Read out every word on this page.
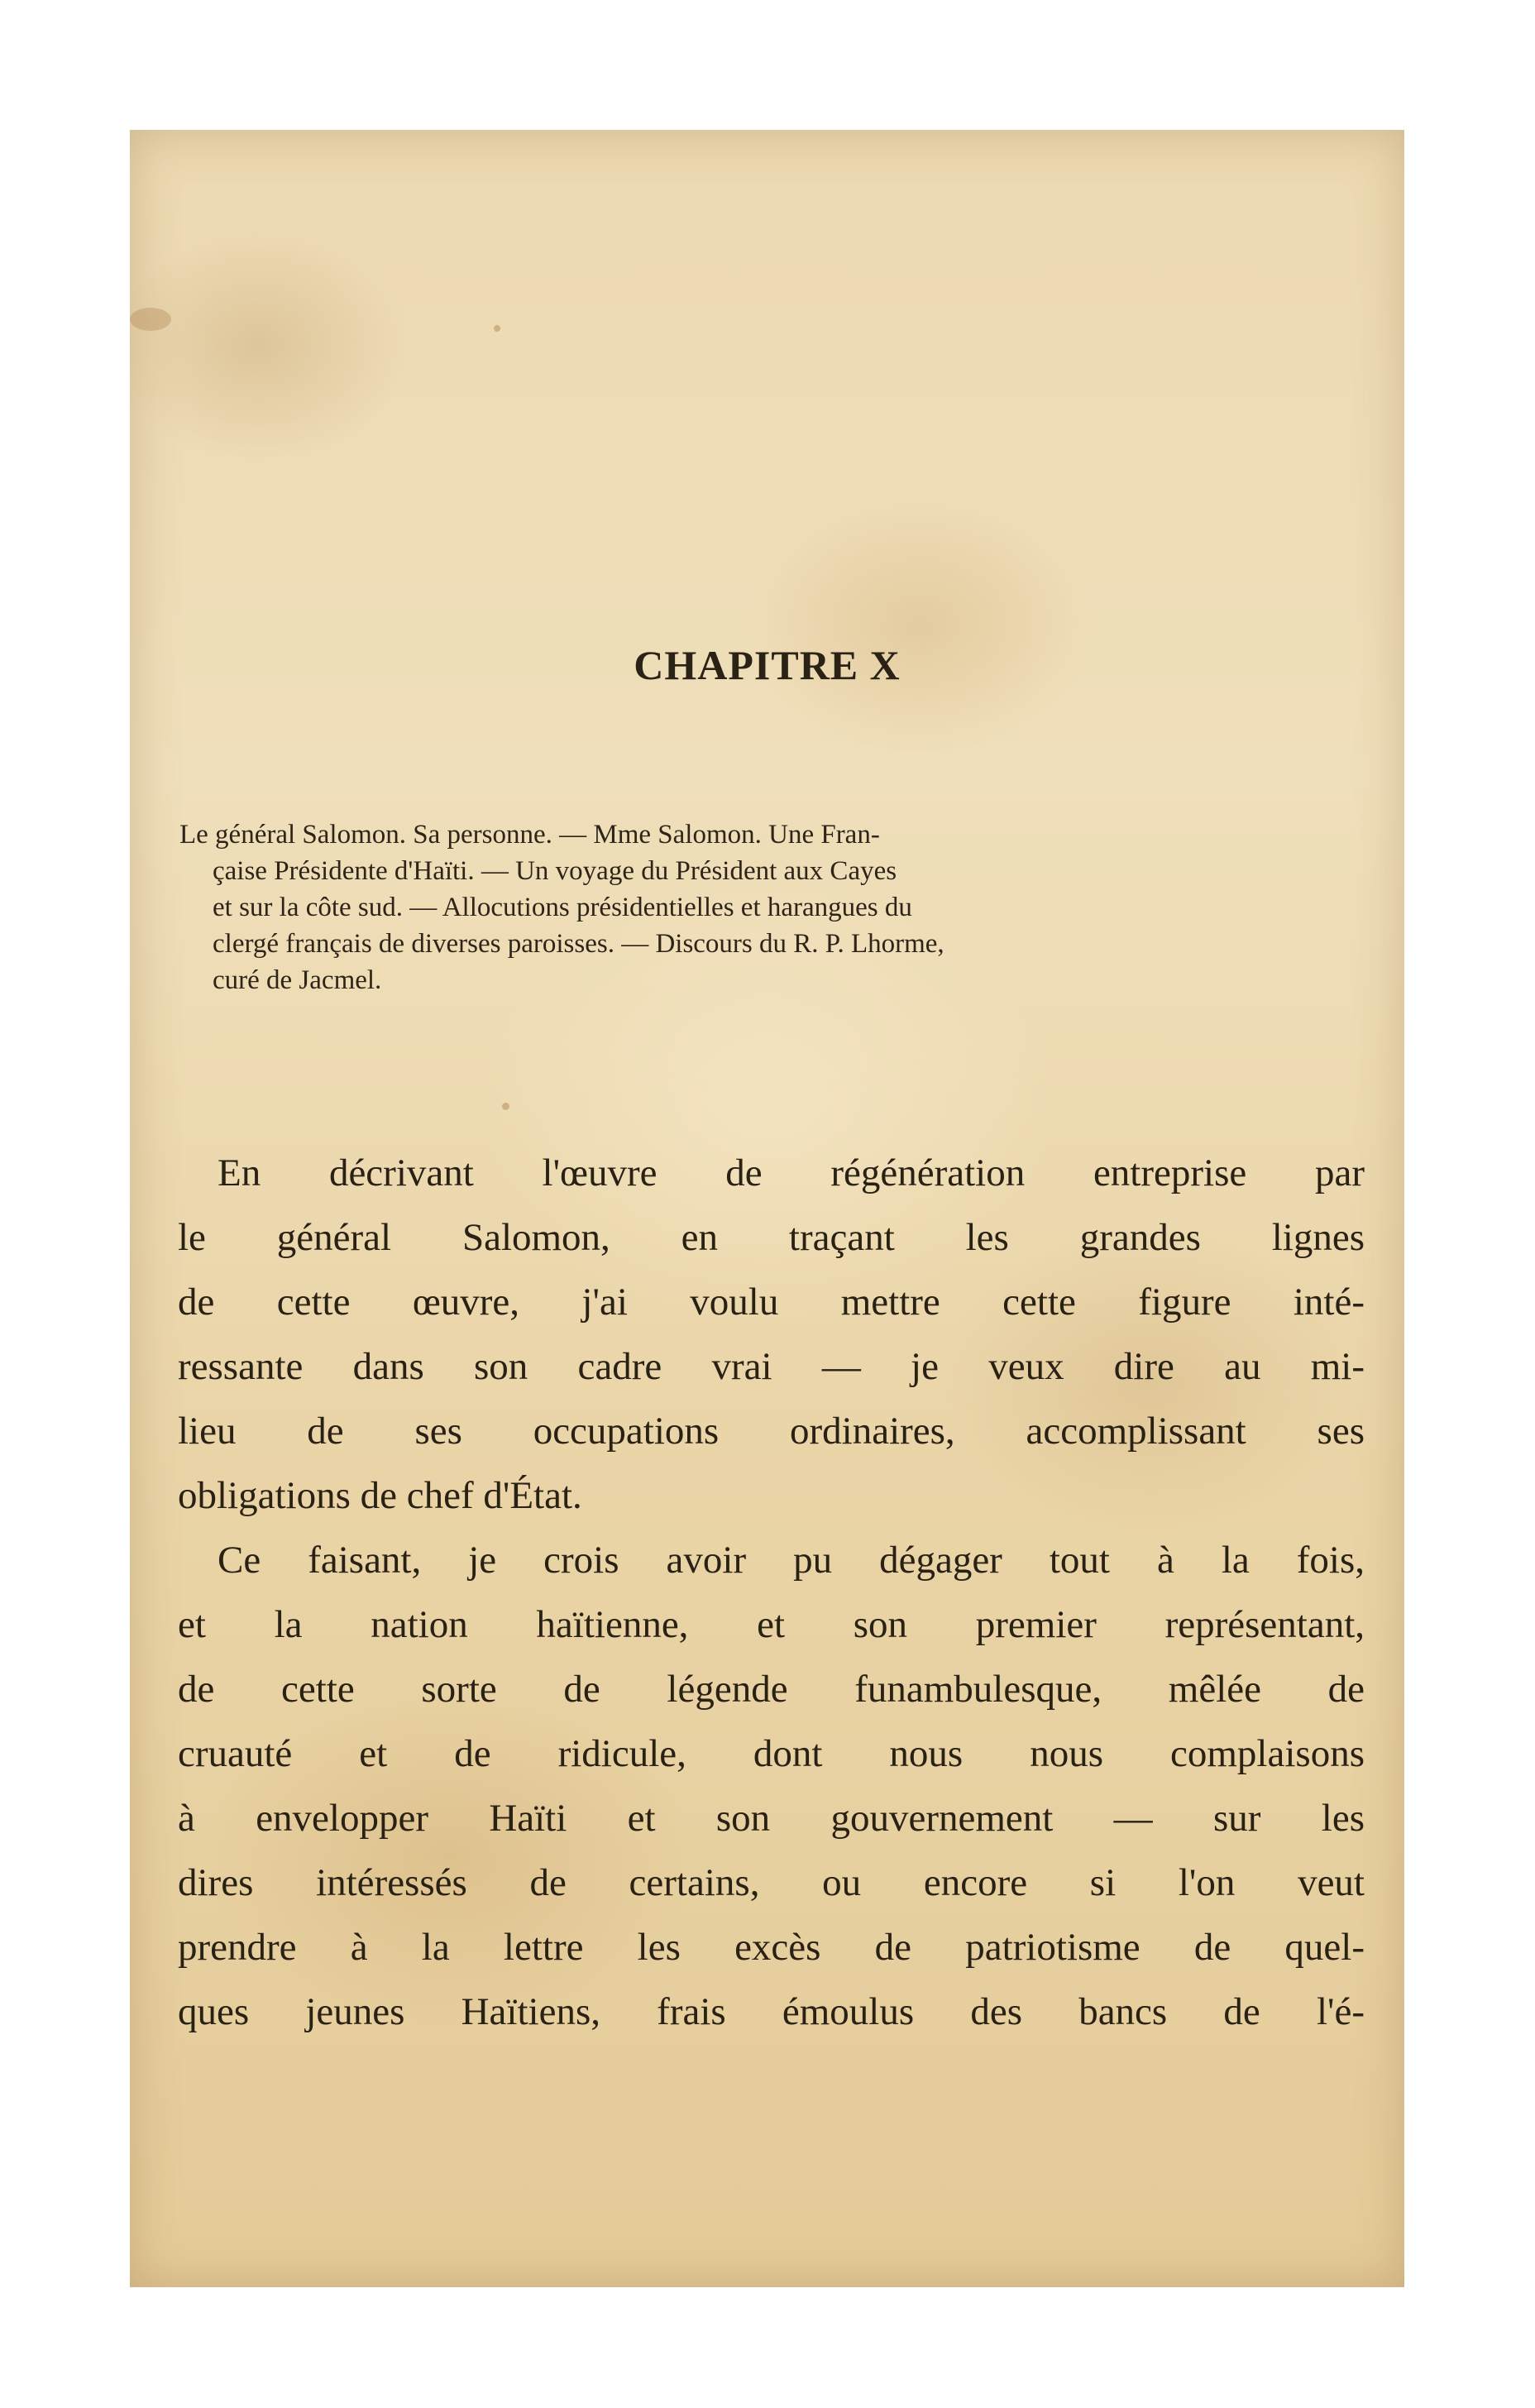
CHAPITRE X
Le général Salomon. Sa personne. — Mme Salomon. Une Fran-
çaise Présidente d'Haïti. — Un voyage du Président aux Cayes
et sur la côte sud. — Allocutions présidentielles et harangues du
clergé français de diverses paroisses. — Discours du R. P. Lhorme,
curé de Jacmel.
En décrivant l'œuvre de régénération entreprise par
le général Salomon, en traçant les grandes lignes
de cette œuvre, j'ai voulu mettre cette figure inté-
ressante dans son cadre vrai — je veux dire au mi-
lieu de ses occupations ordinaires, accomplissant ses
obligations de chef d'État.
Ce faisant, je crois avoir pu dégager tout à la fois,
et la nation haïtienne, et son premier représentant,
de cette sorte de légende funambulesque, mêlée de
cruauté et de ridicule, dont nous nous complaisons
à envelopper Haïti et son gouvernement — sur les
dires intéressés de certains, ou encore si l'on veut
prendre à la lettre les excès de patriotisme de quel-
ques jeunes Haïtiens, frais émoulus des bancs de l'é-
